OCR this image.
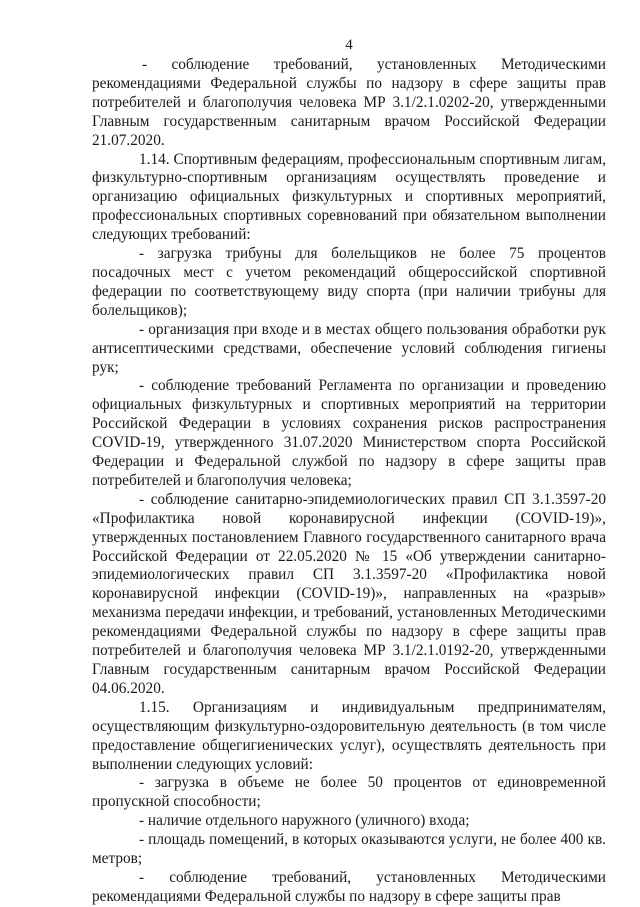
4

- соблюдение требований, установленных Методическими рекомендациями Федеральной службы по надзору в сфере защиты прав потребителей и благополучия человека МР 3.1/2.1.0202-20, утвержденными Главным государственным санитарным врачом Российской Федерации 21.07.2020.

1.14. Спортивным федерациям, профессиональным спортивным лигам, физкультурно-спортивным организациям осуществлять проведение и организацию официальных физкультурных и спортивных мероприятий, профессиональных спортивных соревнований при обязательном выполнении следующих требований:

- загрузка трибуны для болельщиков не более 75 процентов посадочных мест с учетом рекомендаций общероссийской спортивной федерации по соответствующему виду спорта (при наличии трибуны для болельщиков);

- организация при входе и в местах общего пользования обработки рук антисептическими средствами, обеспечение условий соблюдения гигиены рук;

- соблюдение требований Регламента по организации и проведению официальных физкультурных и спортивных мероприятий на территории Российской Федерации в условиях сохранения рисков распространения COVID-19, утвержденного 31.07.2020 Министерством спорта Российской Федерации и Федеральной службой по надзору в сфере защиты прав потребителей и благополучия человека;

- соблюдение санитарно-эпидемиологических правил СП 3.1.3597-20 «Профилактика новой коронавирусной инфекции (COVID-19)», утвержденных постановлением Главного государственного санитарного врача Российской Федерации от 22.05.2020 № 15 «Об утверждении санитарно-эпидемиологических правил СП 3.1.3597-20 «Профилактика новой коронавирусной инфекции (COVID-19)», направленных на «разрыв» механизма передачи инфекции, и требований, установленных Методическими рекомендациями Федеральной службы по надзору в сфере защиты прав потребителей и благополучия человека МР 3.1/2.1.0192-20, утвержденными Главным государственным санитарным врачом Российской Федерации 04.06.2020.

1.15. Организациям и индивидуальным предпринимателям, осуществляющим физкультурно-оздоровительную деятельность (в том числе предоставление общегигиенических услуг), осуществлять деятельность при выполнении следующих условий:

- загрузка в объеме не более 50 процентов от единовременной пропускной способности;

- наличие отдельного наружного (уличного) входа;

- площадь помещений, в которых оказываются услуги, не более 400 кв. метров;

- соблюдение требований, установленных Методическими рекомендациями Федеральной службы по надзору в сфере защиты прав
